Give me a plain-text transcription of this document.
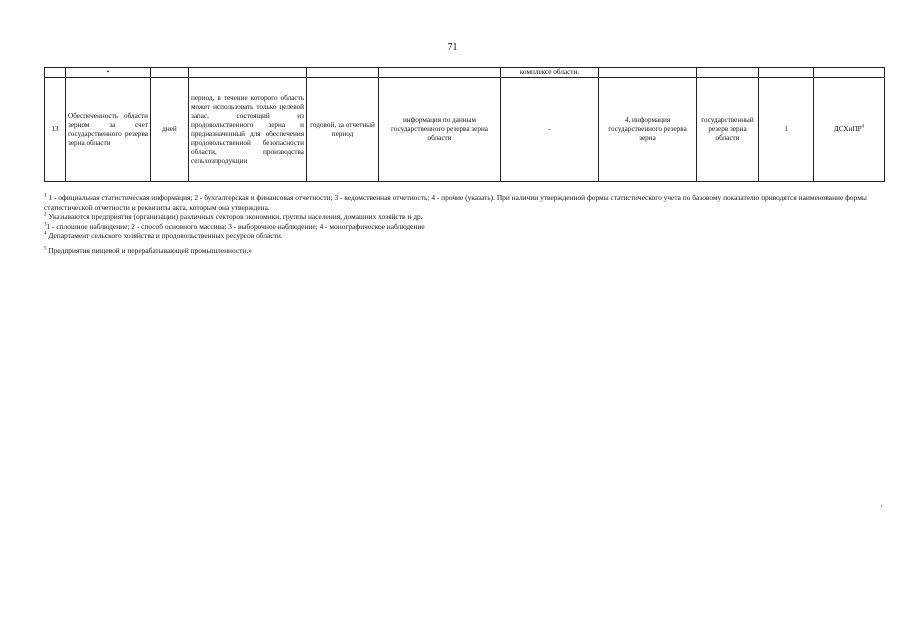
71

	•					комплексе области.				
13	Обеспеченность области зерном за счет государственного резерва зерна области	дней	период, в течение которого область может использовать только целевой запас, состоящий из продовольственного зерна и предназначенный для обеспечения продовольственной безопасности области, производства сельхозпродукции	годовой, за отчетный период	информация по данным государственного резерва зерна области	-	4, информация государственного резерва зерна	государственный резерв зерна области	1	ДСХиПР$^4$

$^1$ 1 - официальная статистическая информация; 2 - бухгалтерская и финансовая отчетности; 3 - ведомственная отчетность; 4 - прочие (указать). При наличии утвержденной формы статистического учета по базовому показателю приводятся наименование формы статистической отчетности и реквизиты акта, которым она утверждена.

$^2$ Указываются предприятия (организации) различных секторов экономики, группы населения, домашних хозяйств и др.

$^3$1 - сплошное наблюдение; 2 - способ основного массива; 3 - выборочное наблюдение; 4 - монографическое наблюдение

$^4$ Департамент сельского хозяйства и продовольственных ресурсов области.

$^5$ Предприятия пищевой и перерабатывающей промышленности.»
